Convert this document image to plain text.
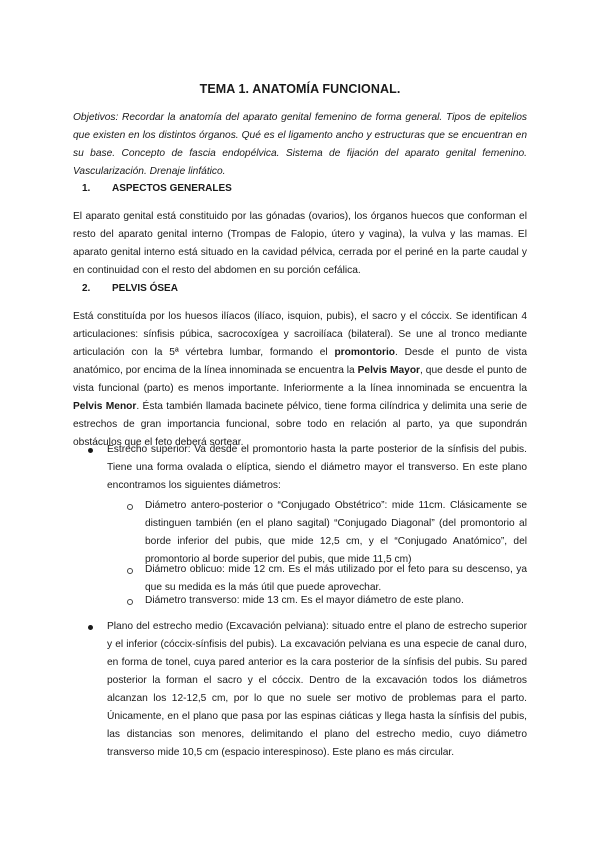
TEMA 1. ANATOMÍA FUNCIONAL.

Objetivos: Recordar la anatomía del aparato genital femenino de forma general. Tipos de epitelios que existen en los distintos órganos. Qué es el ligamento ancho y estructuras que se encuentran en su base. Concepto de fascia endopélvica. Sistema de fijación del aparato genital femenino. Vascularización. Drenaje linfático.

1. ASPECTOS GENERALES

El aparato genital está constituido por las gónadas (ovarios), los órganos huecos que conforman el resto del aparato genital interno (Trompas de Falopio, útero y vagina), la vulva y las mamas. El aparato genital interno está situado en la cavidad pélvica, cerrada por el periné en la parte caudal y en continuidad con el resto del abdomen en su porción cefálica.

2. PELVIS ÓSEA

Está constituída por los huesos ilíacos (ilíaco, isquion, pubis), el sacro y el cóccix. Se identifican 4 articulaciones: sínfisis púbica, sacrocoxígea y sacroilíaca (bilateral). Se une al tronco mediante articulación con la 5ª vértebra lumbar, formando el promontorio. Desde el punto de vista anatómico, por encima de la línea innominada se encuentra la Pelvis Mayor, que desde el punto de vista funcional (parto) es menos importante. Inferiormente a la línea innominada se encuentra la Pelvis Menor. Ésta también llamada bacinete pélvico, tiene forma cilíndrica y delimita una serie de estrechos de gran importancia funcional, sobre todo en relación al parto, ya que supondrán obstáculos que el feto deberá sortear.

Estrecho superior: Va desde el promontorio hasta la parte posterior de la sínfisis del pubis. Tiene una forma ovalada o elíptica, siendo el diámetro mayor el transverso. En este plano encontramos los siguientes diámetros:

Diámetro antero-posterior o “Conjugado Obstétrico”: mide 11cm. Clásicamente se distinguen también (en el plano sagital) “Conjugado Diagonal” (del promontorio al borde inferior del pubis, que mide 12,5 cm, y el “Conjugado Anatómico”, del promontorio al borde superior del pubis, que mide 11,5 cm)

Diámetro oblicuo: mide 12 cm. Es el más utilizado por el feto para su descenso, ya que su medida es la más útil que puede aprovechar.

Diámetro transverso: mide 13 cm. Es el mayor diámetro de este plano.

Plano del estrecho medio (Excavación pelviana): situado entre el plano de estrecho superior y el inferior (cóccix-sínfisis del pubis). La excavación pelviana es una especie de canal duro, en forma de tonel, cuya pared anterior es la cara posterior de la sínfisis del pubis. Su pared posterior la forman el sacro y el cóccix. Dentro de la excavación todos los diámetros alcanzan los 12-12,5 cm, por lo que no suele ser motivo de problemas para el parto. Únicamente, en el plano que pasa por las espinas ciáticas y llega hasta la sínfisis del pubis, las distancias son menores, delimitando el plano del estrecho medio, cuyo diámetro transverso mide 10,5 cm (espacio interespinoso). Este plano es más circular.
